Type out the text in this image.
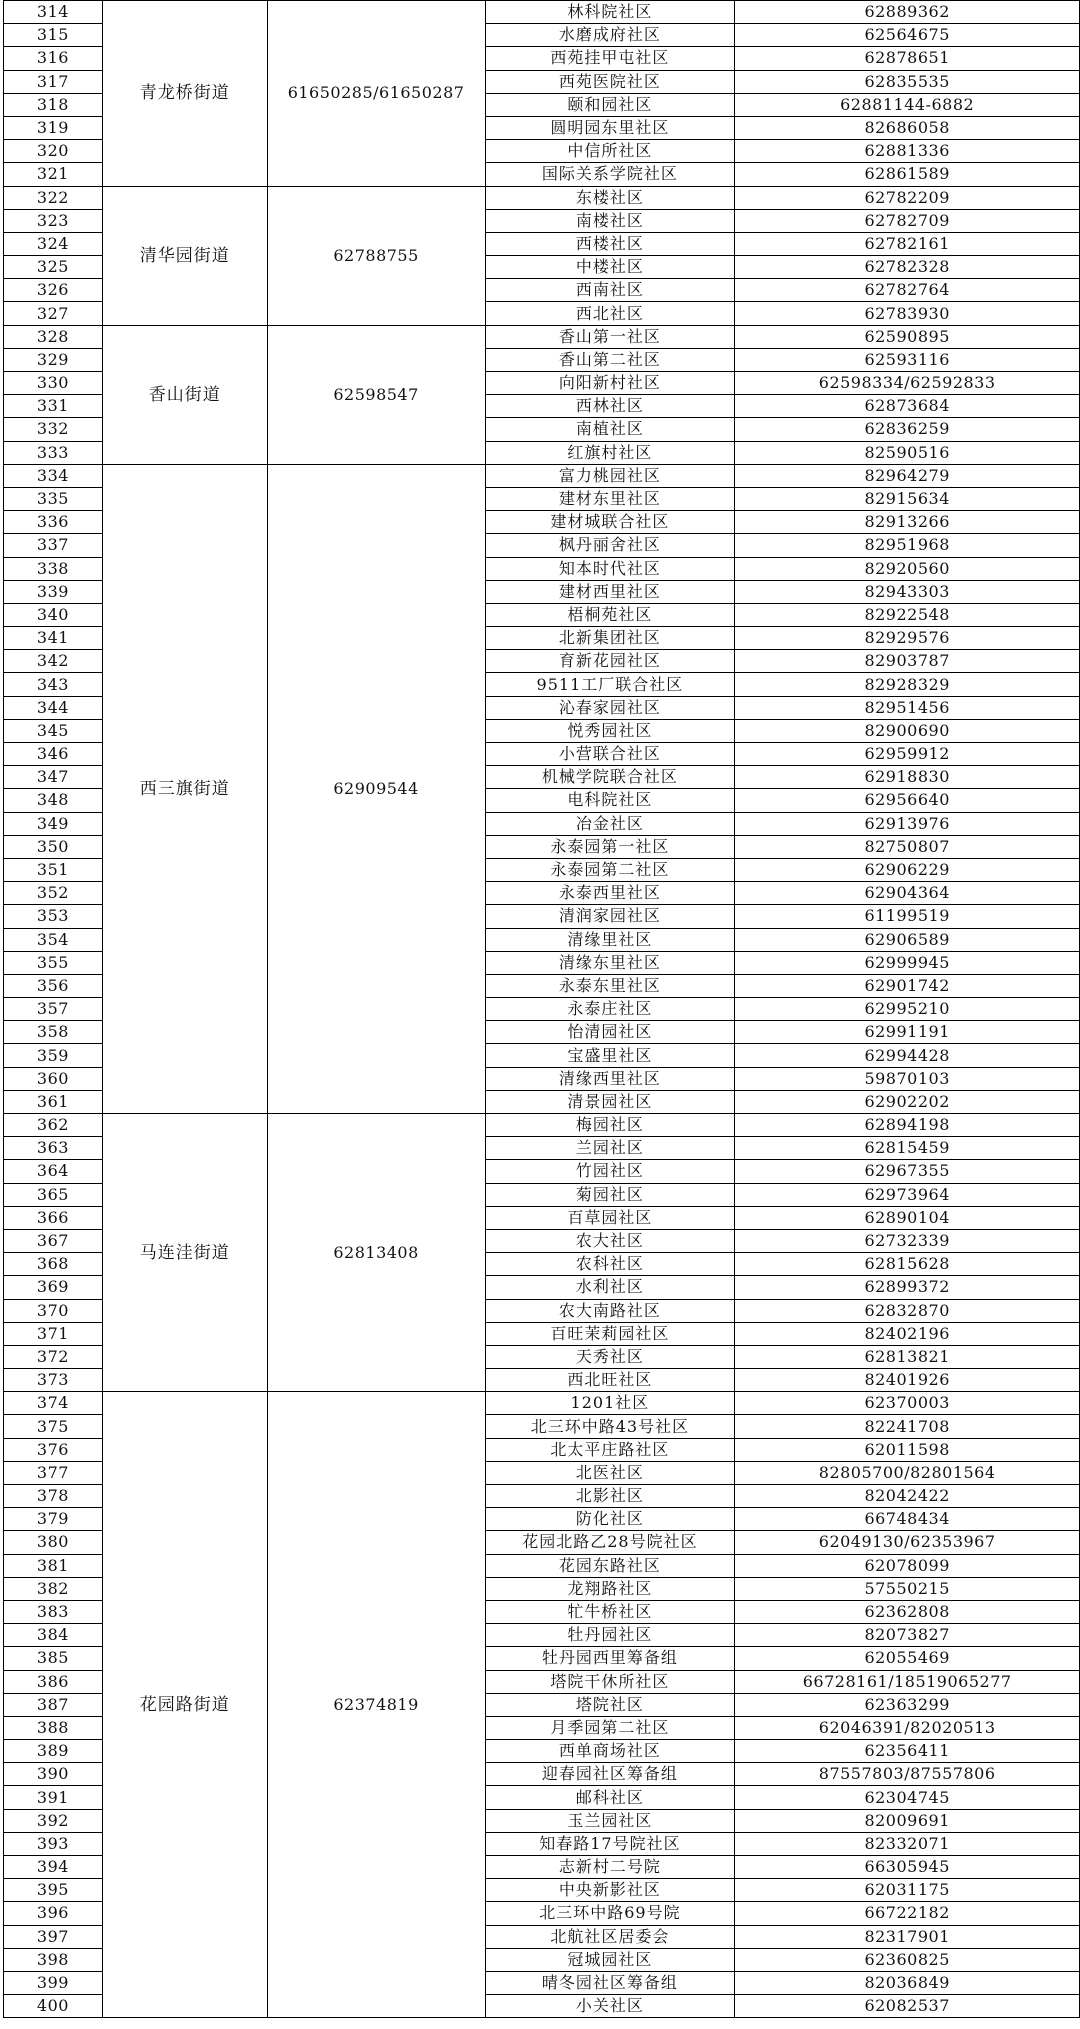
314	青龙桥街道	61650285/61650287	林科院社区	62889362
315			水磨成府社区	62564675
316			西苑挂甲屯社区	62878651
317			西苑医院社区	62835535
318			颐和园社区	62881144-6882
319			圆明园东里社区	82686058
320			中信所社区	62881336
321			国际关系学院社区	62861589
322	清华园街道	62788755	东楼社区	62782209
323			南楼社区	62782709
324			西楼社区	62782161
325			中楼社区	62782328
326			西南社区	62782764
327			西北社区	62783930
328	香山街道	62598547	香山第一社区	62590895
329			香山第二社区	62593116
330			向阳新村社区	62598334/62592833
331			西林社区	62873684
332			南植社区	62836259
333			红旗村社区	82590516
334	西三旗街道	62909544	富力桃园社区	82964279
335			建材东里社区	82915634
336			建材城联合社区	82913266
337			枫丹丽舍社区	82951968
338			知本时代社区	82920560
339			建材西里社区	82943303
340			梧桐苑社区	82922548
341			北新集团社区	82929576
342			育新花园社区	82903787
343			9511工厂联合社区	82928329
344			沁春家园社区	82951456
345			悦秀园社区	82900690
346			小营联合社区	62959912
347			机械学院联合社区	62918830
348			电科院社区	62956640
349			冶金社区	62913976
350			永泰园第一社区	82750807
351			永泰园第二社区	62906229
352			永泰西里社区	62904364
353			清润家园社区	61199519
354			清缘里社区	62906589
355			清缘东里社区	62999945
356			永泰东里社区	62901742
357			永泰庄社区	62995210
358			怡清园社区	62991191
359			宝盛里社区	62994428
360			清缘西里社区	59870103
361			清景园社区	62902202
362	马连洼街道	62813408	梅园社区	62894198
363			兰园社区	62815459
364			竹园社区	62967355
365			菊园社区	62973964
366			百草园社区	62890104
367			农大社区	62732339
368			农科社区	62815628
369			水利社区	62899372
370			农大南路社区	62832870
371			百旺茉莉园社区	82402196
372			天秀社区	62813821
373			西北旺社区	82401926
374	花园路街道	62374819	1201社区	62370003
375			北三环中路43号社区	82241708
376			北太平庄路社区	62011598
377			北医社区	82805700/82801564
378			北影社区	82042422
379			防化社区	66748434
380			花园北路乙28号院社区	62049130/62353967
381			花园东路社区	62078099
382			龙翔路社区	57550215
383			牤牛桥社区	62362808
384			牡丹园社区	82073827
385			牡丹园西里筹备组	62055469
386			塔院干休所社区	66728161/18519065277
387			塔院社区	62363299
388			月季园第二社区	62046391/82020513
389			西单商场社区	62356411
390			迎春园社区筹备组	87557803/87557806
391			邮科社区	62304745
392			玉兰园社区	82009691
393			知春路17号院社区	82332071
394			志新村二号院	66305945
395			中央新影社区	62031175
396			北三环中路69号院	66722182
397			北航社区居委会	82317901
398			冠城园社区	62360825
399			晴冬园社区筹备组	82036849
400			小关社区	62082537
